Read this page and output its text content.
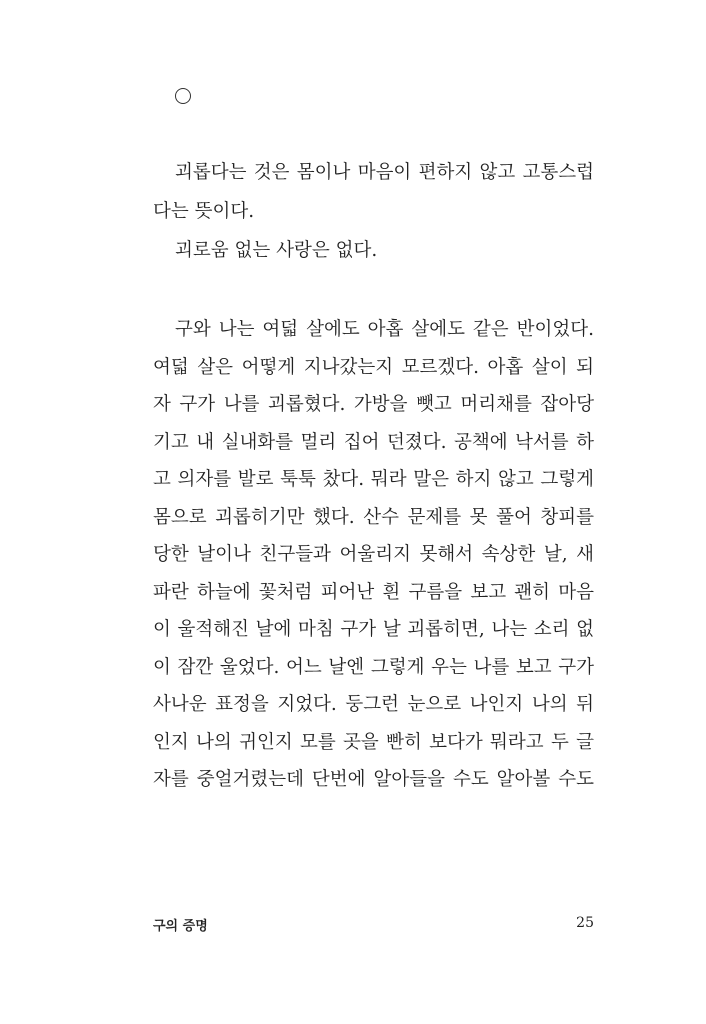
괴롭다는 것은 몸이나 마음이 편하지 않고 고통스럽
다는 뜻이다.
괴로움 없는 사랑은 없다.
구와 나는 여덟 살에도 아홉 살에도 같은 반이었다.
여덟 살은 어떻게 지나갔는지 모르겠다. 아홉 살이 되
자 구가 나를 괴롭혔다. 가방을 뺏고 머리채를 잡아당
기고 내 실내화를 멀리 집어 던졌다. 공책에 낙서를 하
고 의자를 발로 툭툭 찼다. 뭐라 말은 하지 않고 그렇게
몸으로 괴롭히기만 했다. 산수 문제를 못 풀어 창피를
당한 날이나 친구들과 어울리지 못해서 속상한 날, 새
파란 하늘에 꽃처럼 피어난 흰 구름을 보고 괜히 마음
이 울적해진 날에 마침 구가 날 괴롭히면, 나는 소리 없
이 잠깐 울었다. 어느 날엔 그렇게 우는 나를 보고 구가
사나운 표정을 지었다. 둥그런 눈으로 나인지 나의 뒤
인지 나의 귀인지 모를 곳을 빤히 보다가 뭐라고 두 글
자를 중얼거렸는데 단번에 알아들을 수도 알아볼 수도
구의 증명	25
